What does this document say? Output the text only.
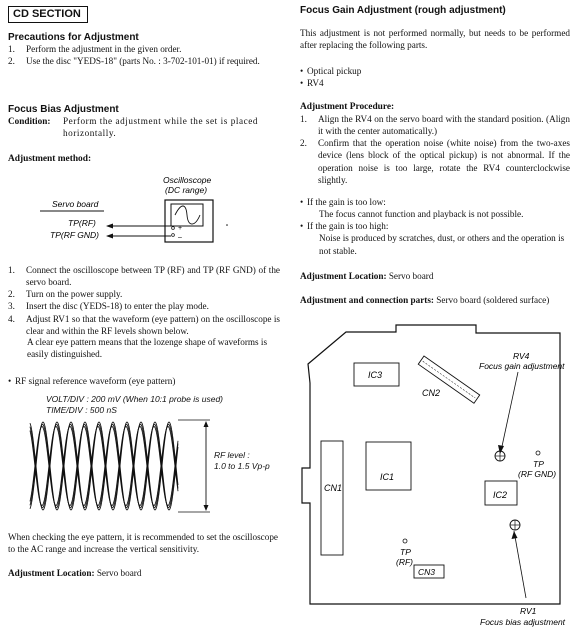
CD SECTION
Precautions for Adjustment
1. Perform the adjustment in the given order.
2. Use the disc "YEDS-18" (parts No. : 3-702-101-01) if required.
Focus Bias Adjustment
Condition: Perform the adjustment while the set is placed horizontally.
Adjustment method:
Oscilloscope
(DC range)
+
–
Servo board
TP(RF)
TP(RF GND)
1. Connect the oscilloscope between TP (RF) and TP (RF GND) of the servo board.
2. Turn on the power supply.
3. Insert the disc (YEDS-18) to enter the play mode.
4. Adjust RV1 so that the waveform (eye pattern) on the oscilloscope is clear and within the RF levels shown below.
A clear eye pattern means that the lozenge shape of waveforms is easily distinguished.
• RF signal reference waveform (eye pattern)
VOLT/DIV : 200 mV (When 10:1 probe is used)
TIME/DIV : 500 nS
RF level :
1.0 to 1.5 Vp-p
When checking the eye pattern, it is recommended to set the oscilloscope to the AC range and increase the vertical sensitivity.
Adjustment Location: Servo board
Focus Gain Adjustment (rough adjustment)
This adjustment is not performed normally, but needs to be performed after replacing the following parts.
• Optical pickup
• RV4
Adjustment Procedure:
1. Align the RV4 on the servo board with the standard position. (Align it with the center automatically.)
2. Confirm that the operation noise (white noise) from the two-axes device (lens block of the optical pickup) is not abnormal. If the operation noise is too large, rotate the RV4 counterclockwise slightly.
• If the gain is too low:
The focus cannot function and playback is not possible.
• If the gain is too high:

Noise is produced by scratches, dust, or others and the operation is not stable.
Adjustment Location: Servo board
Adjustment and connection parts: Servo board (soldered surface)
IC3
CN2
CN1
IC1
IC2
RV4
Focus gain adjustment
TP
(RF GND)
RV1
Focus bias adjustment
TP
(RF)
CN3
